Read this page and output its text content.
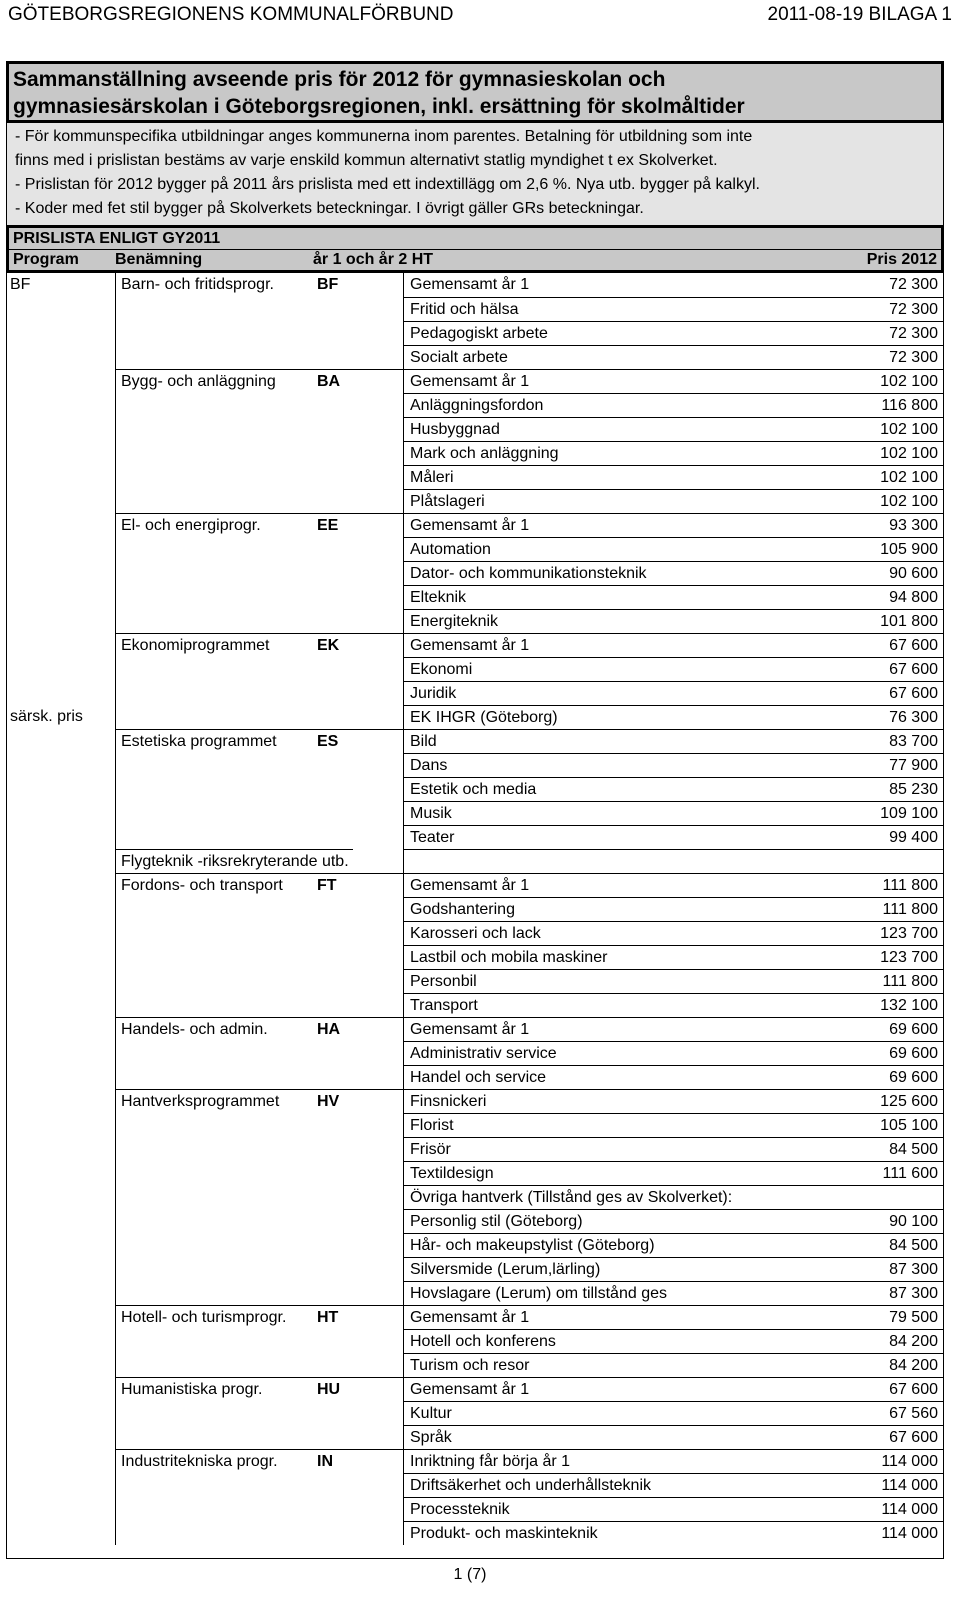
GÖTEBORGSREGIONENS KOMMUNALFÖRBUND	2011-08-19 BILAGA 1
Sammanställning avseende pris för 2012 för gymnasieskolan och
gymnasiesärskolan i Göteborgsregionen, inkl. ersättning för skolmåltider
- För kommunspecifika utbildningar anges kommunerna inom parentes. Betalning för utbildning som inte
finns med i prislistan bestäms av varje enskild kommun alternativt statlig myndighet t ex Skolverket.
- Prislistan för 2012 bygger på 2011 års prislista med ett indextillägg om 2,6 %. Nya utb. bygger på kalkyl.
- Koder med fet stil bygger på Skolverkets beteckningar. I övrigt gäller GRs beteckningar.
PRISLISTA ENLIGT GY2011
Program Benämning	år 1 och år 2 HT	Pris 2012
BF	Barn- och fritidsprogr.	BF	Gemensamt år 1	72 300
Fritid och hälsa	72 300
Pedagogiskt arbete	72 300
Socialt arbete	72 300
Bygg- och anläggning	BA	Gemensamt år 1	102 100
Anläggningsfordon	116 800
Husbyggnad	102 100
Mark och anläggning	102 100
Måleri	102 100
Plåtslageri	102 100
El- och energiprogr.	EE	Gemensamt år 1	93 300
Automation	105 900
Dator- och kommunikationsteknik	90 600
Elteknik	94 800
Energiteknik	101 800
Ekonomiprogrammet	EK	Gemensamt år 1	67 600
Ekonomi	67 600
Juridik	67 600
särsk. pris	EK IHGR (Göteborg)	76 300
Estetiska programmet	ES	Bild	83 700
Dans	77 900
Estetik och media	85 230
Musik	109 100
Teater	99 400
Flygteknik -riksrekryterande utb.
Fordons- och transport	FT	Gemensamt år 1	111 800
Godshantering	111 800
Karosseri och lack	123 700
Lastbil och mobila maskiner	123 700
Personbil	111 800
Transport	132 100
Handels- och admin.	HA	Gemensamt år 1	69 600
Administrativ service	69 600
Handel och service	69 600
Hantverksprogrammet	HV	Finsnickeri	125 600
Florist	105 100
Frisör	84 500
Textildesign	111 600
Övriga hantverk (Tillstånd ges av Skolverket):
Personlig stil (Göteborg)	90 100
Hår- och makeupstylist (Göteborg)	84 500
Silversmide (Lerum,lärling)	87 300
Hovslagare (Lerum) om tillstånd ges	87 300
Hotell- och turismprogr.	HT	Gemensamt år 1	79 500
Hotell och konferens	84 200
Turism och resor	84 200
Humanistiska progr.	HU	Gemensamt år 1	67 600
Kultur	67 560
Språk	67 600
Industritekniska progr.	IN	Inriktning får börja år 1	114 000
Driftsäkerhet och underhållsteknik	114 000
Processteknik	114 000
Produkt- och maskinteknik	114 000
1 (7)
